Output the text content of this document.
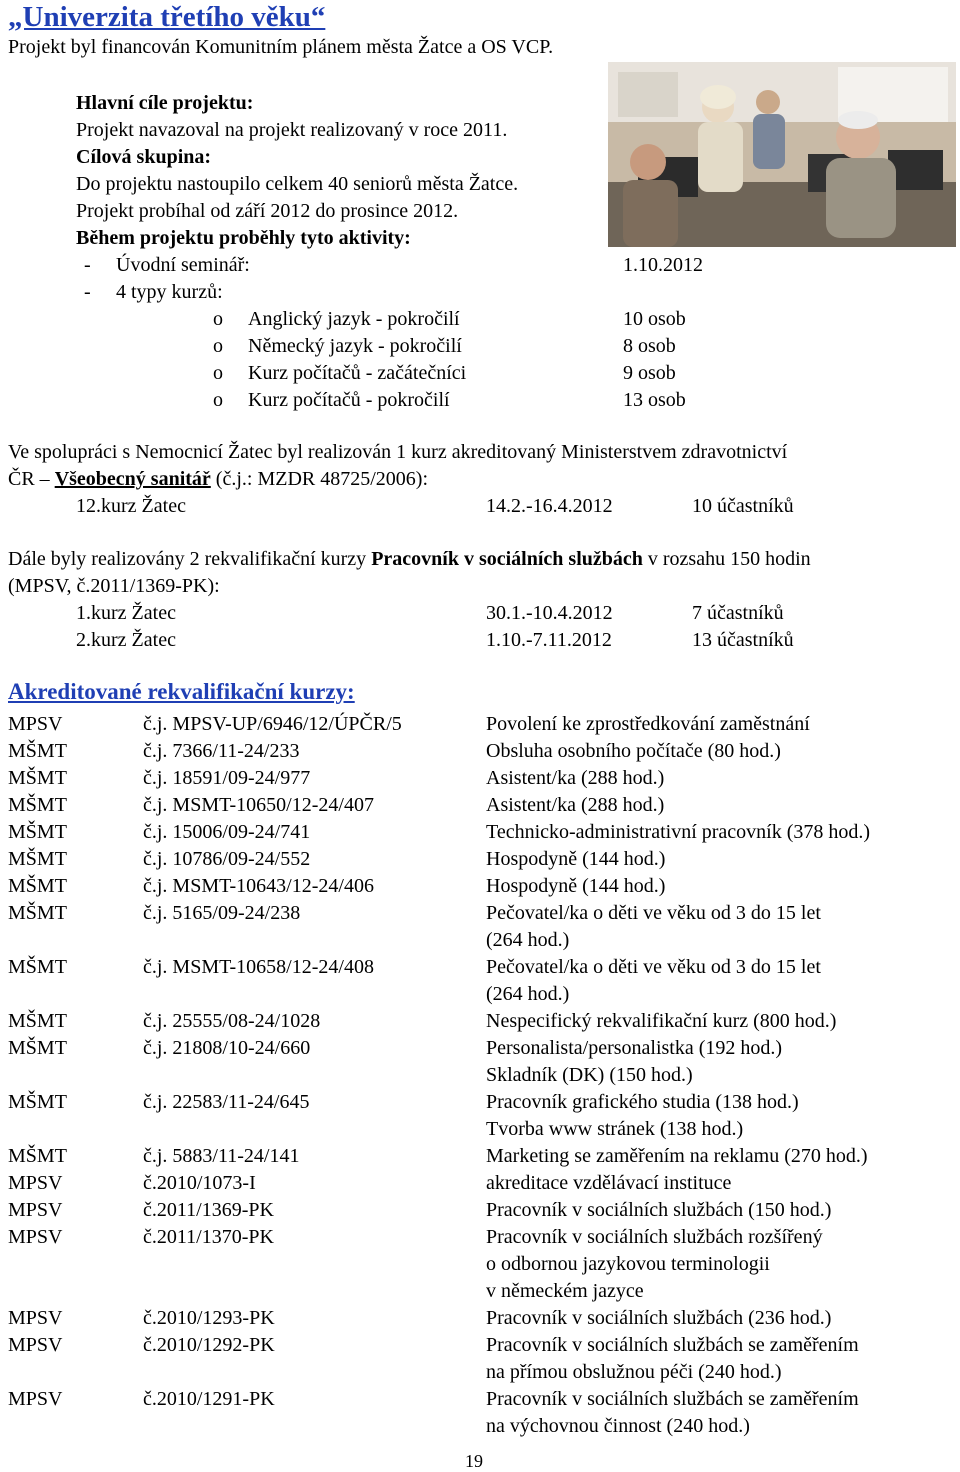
„Univerzita třetího věku“
Projekt byl financován Komunitním plánem města Žatce a OS VCP.
Hlavní cíle projektu:
Projekt navazoval na projekt realizovaný v roce 2011.
Cílová skupina:
Do projektu nastoupilo celkem 40 seniorů města Žatce.
Projekt probíhal od září 2012 do prosince 2012.
Během projektu proběhly tyto aktivity:
- Úvodní seminář:	1.10.2012
- 4 typy kurzů:
o Anglický jazyk - pokročilí	10 osob
o Německý jazyk - pokročilí	8 osob
o Kurz počítačů - začátečníci	9 osob
o Kurz počítačů - pokročilí	13 osob
Ve spolupráci s Nemocnicí Žatec byl realizován 1 kurz akreditovaný Ministerstvem zdravotnictví
ČR – Všeobecný sanitář (č.j.: MZDR 48725/2006):
12.kurz Žatec	14.2.-16.4.2012	10 účastníků
Dále byly realizovány 2 rekvalifikační kurzy Pracovník v sociálních službách v rozsahu 150 hodin
(MPSV, č.2011/1369-PK):
1.kurz Žatec	30.1.-10.4.2012	7 účastníků
2.kurz Žatec	1.10.-7.11.2012	13 účastníků
Akreditované rekvalifikační kurzy:
MPSV	č.j. MPSV-UP/6946/12/ÚPČR/5	Povolení ke zprostředkování zaměstnání
MŠMT	č.j. 7366/11-24/233	Obsluha osobního počítače (80 hod.)
MŠMT	č.j. 18591/09-24/977	Asistent/ka (288 hod.)
MŠMT	č.j. MSMT-10650/12-24/407	Asistent/ka (288 hod.)
MŠMT	č.j. 15006/09-24/741	Technicko-administrativní pracovník (378 hod.)
MŠMT	č.j. 10786/09-24/552	Hospodyně (144 hod.)
MŠMT	č.j. MSMT-10643/12-24/406	Hospodyně (144 hod.)
MŠMT	č.j. 5165/09-24/238	Pečovatel/ka o děti ve věku od 3 do 15 let
(264 hod.)
MŠMT	č.j. MSMT-10658/12-24/408	Pečovatel/ka o děti ve věku od 3 do 15 let
(264 hod.)
MŠMT	č.j. 25555/08-24/1028	Nespecifický rekvalifikační kurz (800 hod.)
MŠMT	č.j. 21808/10-24/660	Personalista/personalistka (192 hod.)
Skladník (DK) (150 hod.)
MŠMT	č.j. 22583/11-24/645	Pracovník grafického studia (138 hod.)
Tvorba www stránek (138 hod.)
MŠMT	č.j. 5883/11-24/141	Marketing se zaměřením na reklamu (270 hod.)
MPSV	č.2010/1073-I	akreditace vzdělávací instituce
MPSV	č.2011/1369-PK	Pracovník v sociálních službách (150 hod.)
MPSV	č.2011/1370-PK	Pracovník v sociálních službách rozšířený
o odbornou jazykovou terminologii
v německém jazyce
MPSV	č.2010/1293-PK	Pracovník v sociálních službách (236 hod.)
MPSV	č.2010/1292-PK	Pracovník v sociálních službách se zaměřením
na přímou obslužnou péči (240 hod.)
MPSV	č.2010/1291-PK	Pracovník v sociálních službách se zaměřením
na výchovnou činnost (240 hod.)
19
